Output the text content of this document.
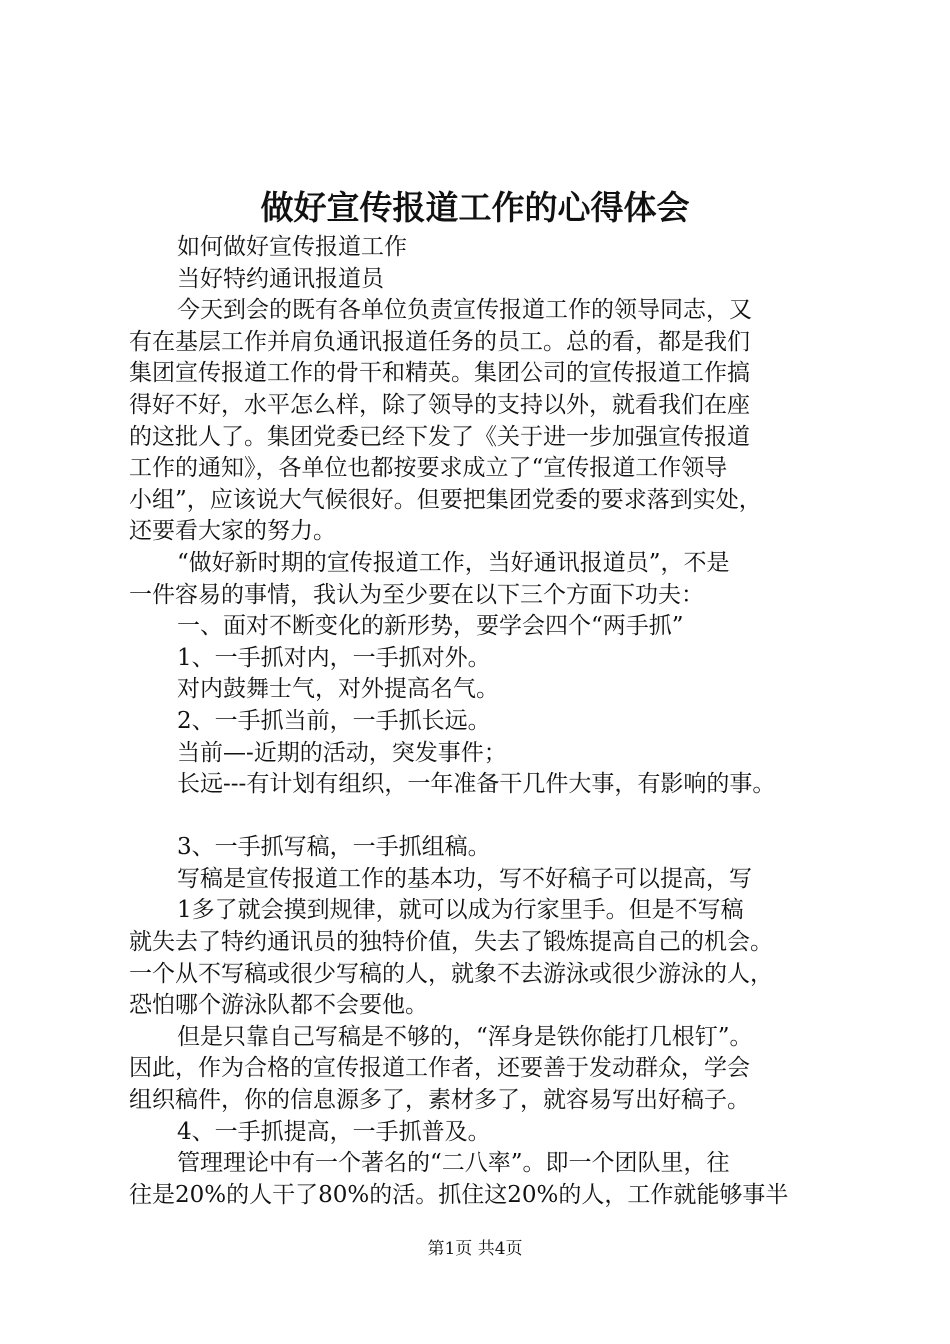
做好宣传报道工作的心得体会
如何做好宣传报道工作
当好特约通讯报道员
今天到会的既有各单位负责宣传报道工作的领导同志，又
有在基层工作并肩负通讯报道任务的员工。总的看，都是我们
集团宣传报道工作的骨干和精英。集团公司的宣传报道工作搞
得好不好，水平怎么样，除了领导的支持以外，就看我们在座
的这批人了。集团党委已经下发了《关于进一步加强宣传报道
工作的通知》，各单位也都按要求成立了“宣传报道工作领导
小组”，应该说大气候很好。但要把集团党委的要求落到实处，
还要看大家的努力。
“做好新时期的宣传报道工作，当好通讯报道员”，不是
一件容易的事情，我认为至少要在以下三个方面下功夫：
一、面对不断变化的新形势，要学会四个“两手抓”
1、一手抓对内，一手抓对外。
对内鼓舞士气，对外提高名气。
2、一手抓当前，一手抓长远。
当前—-近期的活动，突发事件；
长远---有计划有组织，一年准备干几件大事，有影响的事。
3、一手抓写稿，一手抓组稿。
写稿是宣传报道工作的基本功，写不好稿子可以提高，写
1多了就会摸到规律，就可以成为行家里手。但是不写稿
就失去了特约通讯员的独特价值，失去了锻炼提高自己的机会。
一个从不写稿或很少写稿的人，就象不去游泳或很少游泳的人，
恐怕哪个游泳队都不会要他。
但是只靠自己写稿是不够的，“浑身是铁你能打几根钉”。
因此，作为合格的宣传报道工作者，还要善于发动群众，学会
组织稿件，你的信息源多了，素材多了，就容易写出好稿子。
4、一手抓提高，一手抓普及。
管理理论中有一个著名的“二八率”。即一个团队里，往
往是20%的人干了80%的活。抓住这20%的人，工作就能够事半
第1页 共4页
